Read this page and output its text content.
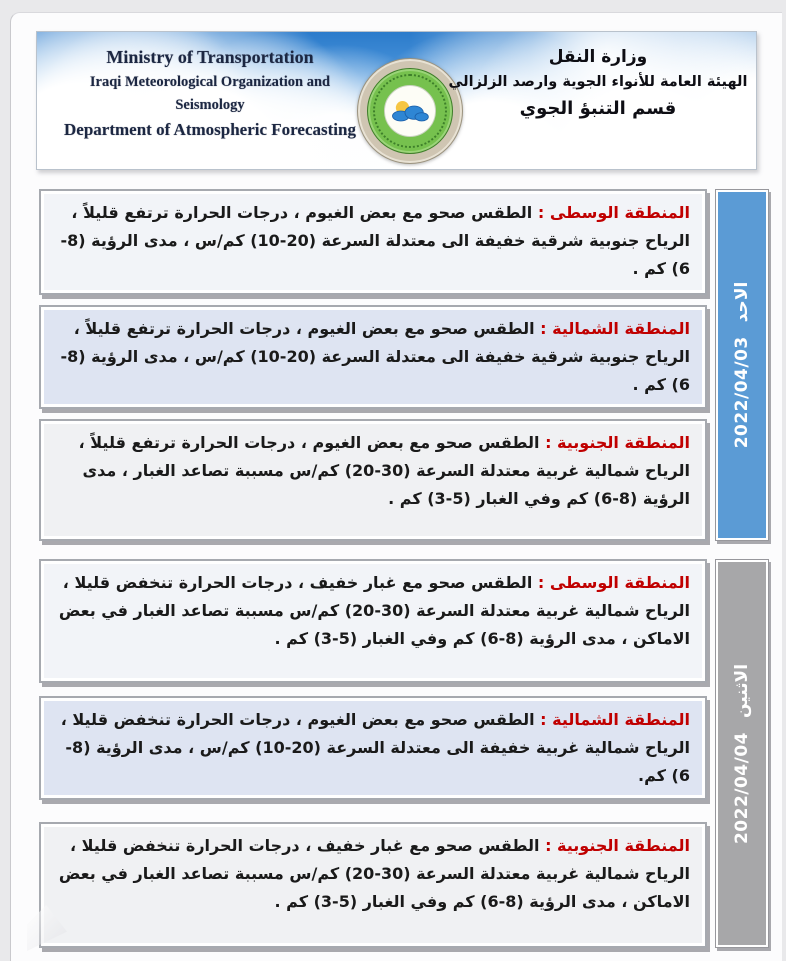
Ministry of Transportation
Iraqi Meteorological Organization and Seismology
Department of Atmospheric Forecasting
وزارة النقل
الهيئة العامة للأنواء الجوية وارصد الزلزالي
قسم التنبؤ الجوي
المنطقة الوسطى : الطقس صحو مع بعض الغيوم ، درجات الحرارة ترتفع قليلاً ، الرياح جنوبية شرقية خفيفة الى معتدلة السرعة (20-10) كم/س ، مدى الرؤية (8-6) كم .
المنطقة الشمالية : الطقس صحو مع بعض الغيوم ، درجات الحرارة ترتفع قليلاً ، الرياح جنوبية شرقية خفيفة الى معتدلة السرعة (20-10) كم/س ، مدى الرؤية (8-6) كم .
المنطقة الجنوبية : الطقس صحو مع بعض الغيوم ، درجات الحرارة ترتفع قليلاً ، الرياح شمالية غربية معتدلة السرعة (30-20) كم/س مسببة تصاعد الغبار ، مدى الرؤية (8-6) كم وفي الغبار (5-3) كم .
الاحد
2022/04/03
المنطقة الوسطى : الطقس صحو مع غبار خفيف ، درجات الحرارة تنخفض قليلا ، الرياح شمالية غربية معتدلة السرعة (30-20) كم/س مسببة تصاعد الغبار في بعض الاماكن ، مدى الرؤية (8-6) كم وفي الغبار (5-3) كم .
المنطقة الشمالية : الطقس صحو مع بعض الغيوم ، درجات الحرارة تنخفض قليلا ، الرياح شمالية غربية خفيفة الى معتدلة السرعة (20-10) كم/س ، مدى الرؤية (8-6) كم.
المنطقة الجنوبية : الطقس صحو مع غبار خفيف ، درجات الحرارة تنخفض قليلا ، الرياح شمالية غربية معتدلة السرعة (30-20) كم/س مسببة تصاعد الغبار في بعض الاماكن ، مدى الرؤية (8-6) كم وفي الغبار (5-3) كم .
الاثنين
2022/04/04
